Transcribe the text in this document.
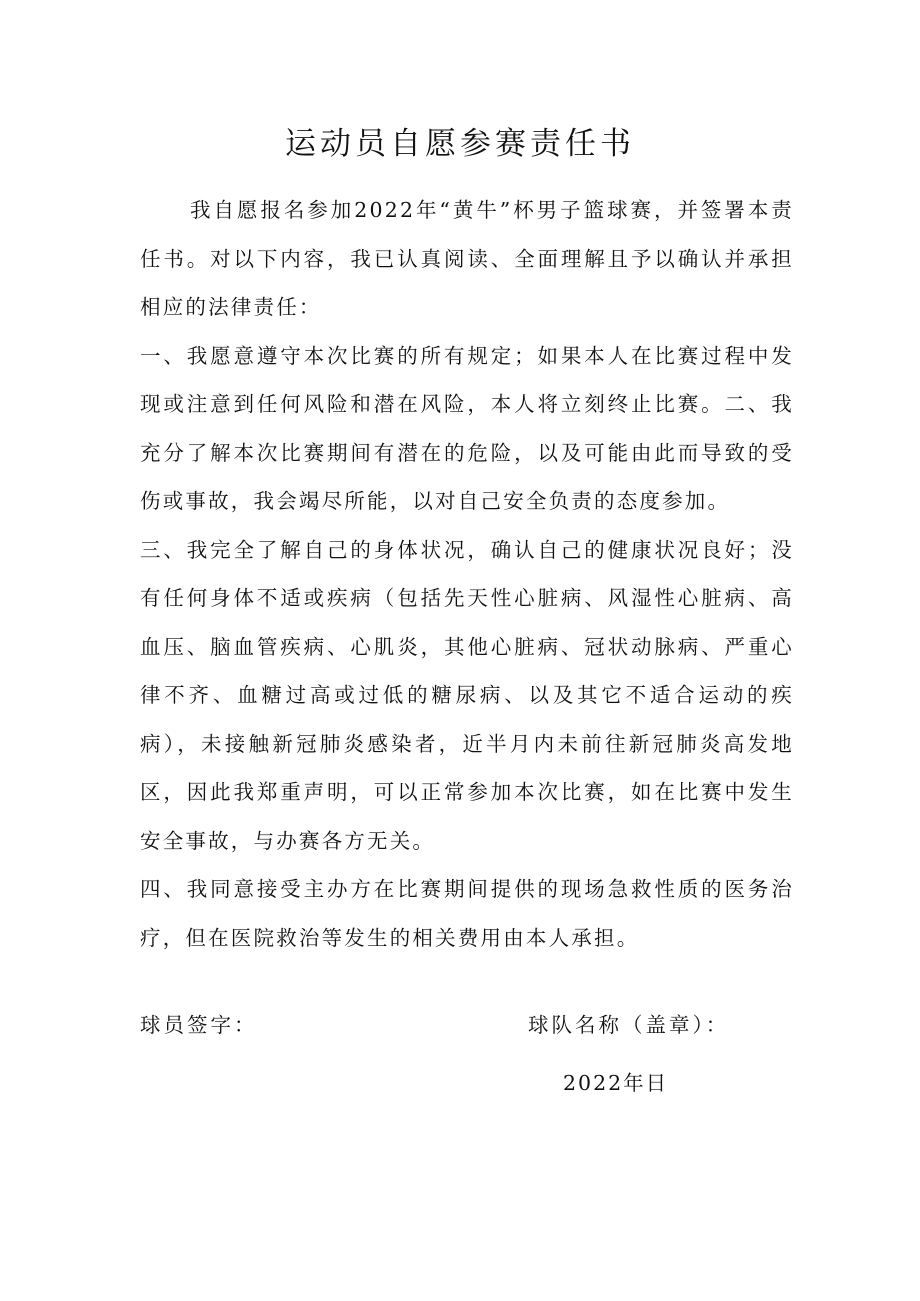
运动员自愿参赛责任书

我自愿报名参加2022年“黄牛”杯男子篮球赛，并签署本责任书。对以下内容，我已认真阅读、全面理解且予以确认并承担相应的法律责任：

一、我愿意遵守本次比赛的所有规定；如果本人在比赛过程中发现或注意到任何风险和潜在风险，本人将立刻终止比赛。二、我充分了解本次比赛期间有潜在的危险，以及可能由此而导致的受伤或事故，我会竭尽所能，以对自己安全负责的态度参加。

三、我完全了解自己的身体状况，确认自己的健康状况良好；没有任何身体不适或疾病（包括先天性心脏病、风湿性心脏病、高血压、脑血管疾病、心肌炎，其他心脏病、冠状动脉病、严重心律不齐、血糖过高或过低的糖尿病、以及其它不适合运动的疾病），未接触新冠肺炎感染者，近半月内未前往新冠肺炎高发地区，因此我郑重声明，可以正常参加本次比赛，如在比赛中发生安全事故，与办赛各方无关。

四、我同意接受主办方在比赛期间提供的现场急救性质的医务治疗，但在医院救治等发生的相关费用由本人承担。

球员签字：	球队名称（盖章）：
2022年日
